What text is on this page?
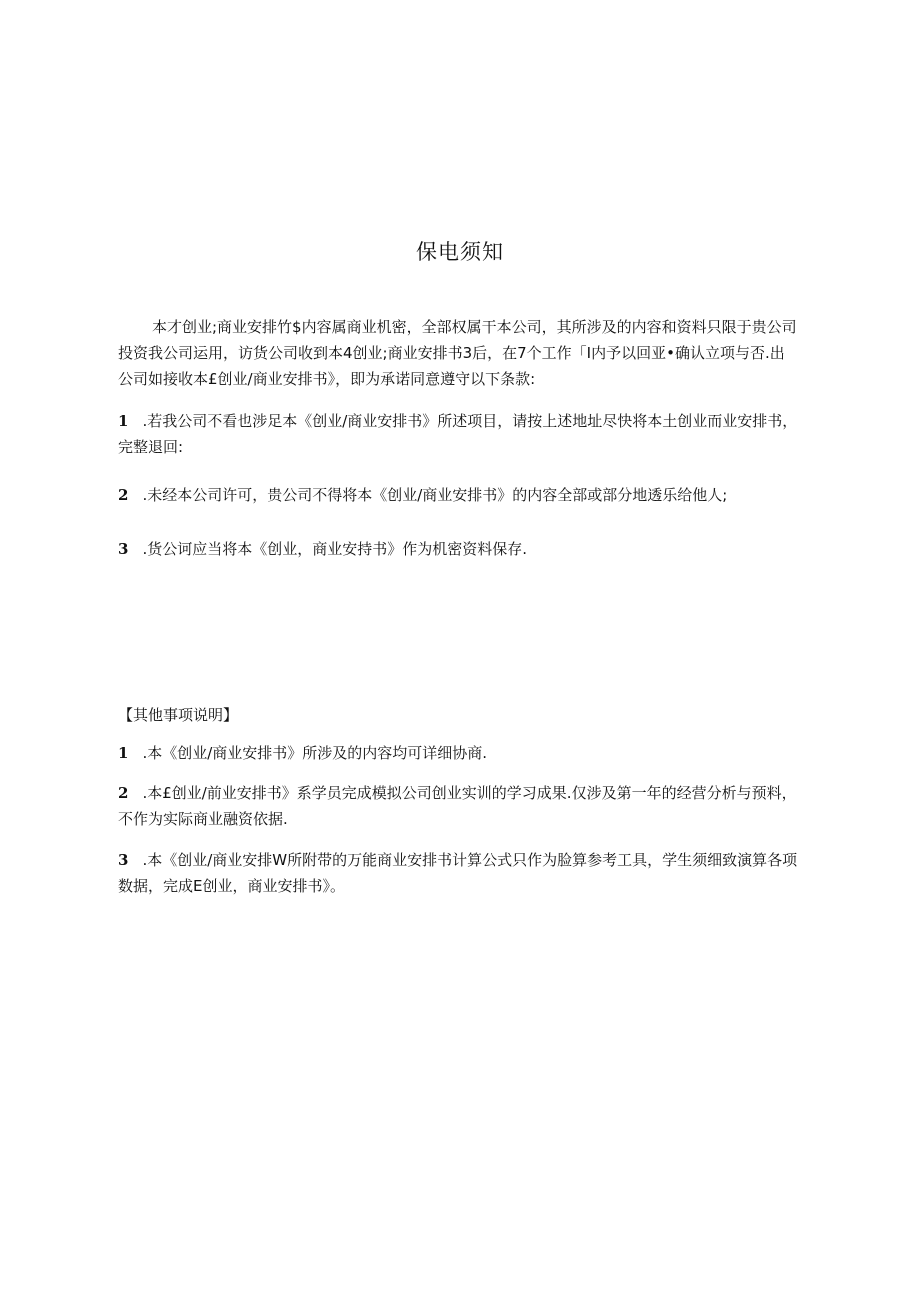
保电须知

本才创业;商业安排竹$内容属商业机密，全部权属干本公司，其所涉及的内容和资料只限于贵公司投资我公司运用，访货公司收到本4创业;商业安排书3后，在7个工作「I内予以回亚•确认立项与否.出公司如接收本£创业/商业安排书》，即为承诺同意遵守以下条款:

1 .若我公司不看也涉足本《创业/商业安排书》所述项目，请按上述地址尽快将本土创业而业安排书，完整退回:

2 .未经本公司许可，贵公司不得将本《创业/商业安排书》的内容全部或部分地透乐给他人;

3 .货公诃应当将本《创业，商业安持书》作为机密资料保存.

【其他事项说明】

1 .本《创业/商业安排书》所涉及的内容均可详细协商.

2 .本£创业/前业安排书》系学员完成模拟公司创业实训的学习成果.仅涉及第一年的经营分析与预料，不作为实际商业融资依据.

3 .本《创业/商业安排W所附带的万能商业安排书计算公式只作为脸算参考工具，学生须细致演算各项数据，完成E创业，商业安排书》。
